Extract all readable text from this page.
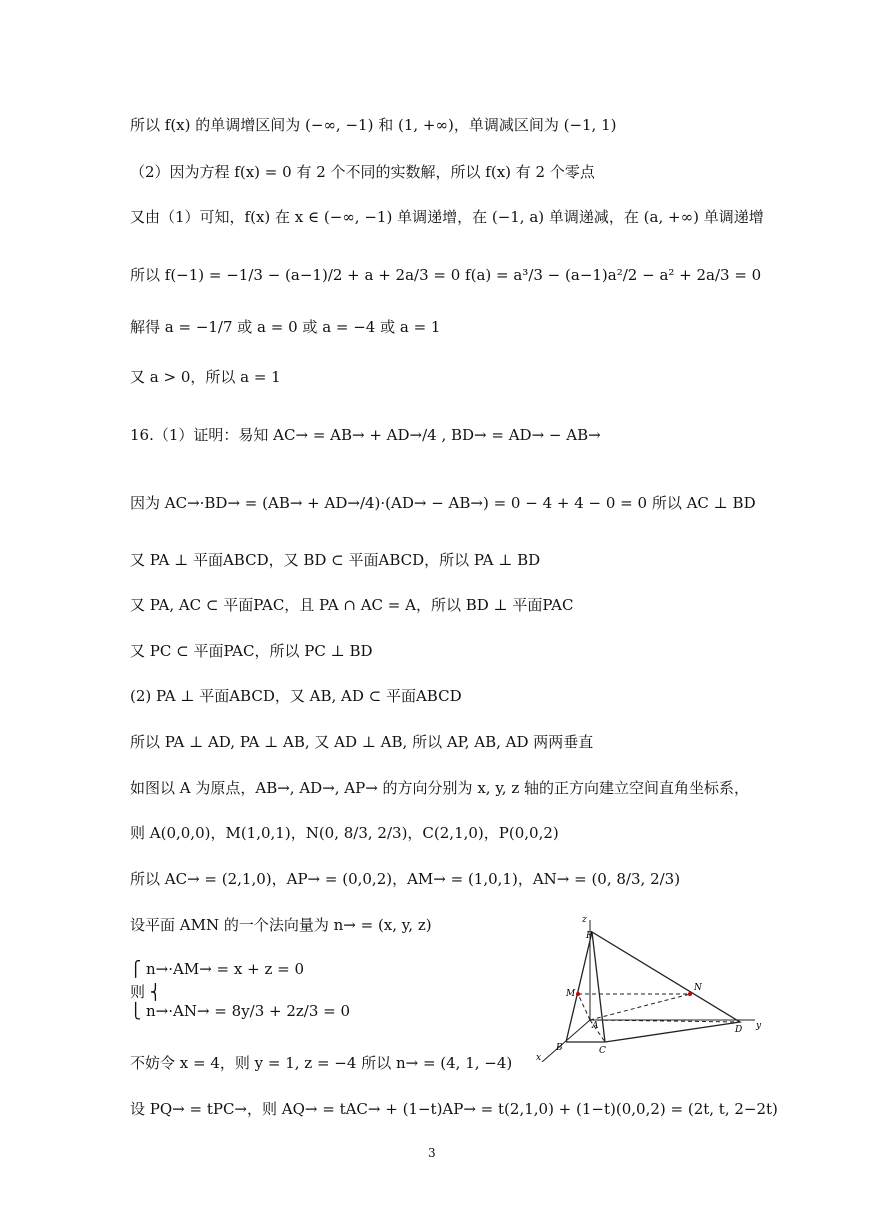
所以 f(x) 的单调增区间为 (−∞, −1) 和 (1, +∞)，单调减区间为 (−1, 1)
（2）因为方程 f(x) = 0 有 2 个不同的实数解，所以 f(x) 有 2 个零点
又由（1）可知，f(x) 在 x ∈ (−∞, −1) 单调递增，在 (−1, a) 单调递减，在 (a, +∞) 单调递增
所以 f(−1) = −1/3 − (a−1)/2 + a + 2a/3 = 0 f(a) = a³/3 − (a−1)a²/2 − a² + 2a/3 = 0
解得 a = −1/7 或 a = 0 或 a = −4 或 a = 1
又 a > 0，所以 a = 1
16.（1）证明：易知 AC→ = AB→ + AD→/4 , BD→ = AD→ − AB→
因为 AC→·BD→ = (AB→ + AD→/4)·(AD→ − AB→) = 0 − 4 + 4 − 0 = 0 所以 AC ⊥ BD
又 PA ⊥ 平面ABCD，又 BD ⊂ 平面ABCD，所以 PA ⊥ BD
又 PA, AC ⊂ 平面PAC，且 PA ∩ AC = A，所以 BD ⊥ 平面PAC
又 PC ⊂ 平面PAC，所以 PC ⊥ BD
(2) PA ⊥ 平面ABCD，又 AB, AD ⊂ 平面ABCD
所以 PA ⊥ AD, PA ⊥ AB, 又 AD ⊥ AB, 所以 AP, AB, AD 两两垂直
如图以 A 为原点，AB→, AD→, AP→ 的方向分别为 x, y, z 轴的正方向建立空间直角坐标系，
则 A(0,0,0)，M(1,0,1)，N(0, 8/3, 2/3)，C(2,1,0)，P(0,0,2)
所以 AC→ = (2,1,0)，AP→ = (0,0,2)，AM→ = (1,0,1)，AN→ = (0, 8/3, 2/3)
设平面 AMN 的一个法向量为 n→ = (x, y, z)
⎧ n→·AM→ = x + z = 0
则 ⎨
⎩ n→·AN→ = 8y/3 + 2z/3 = 0
不妨令 x = 4，则 y = 1, z = −4 所以 n→ = (4, 1, −4)
设 PQ→ = tPC→，则 AQ→ = tAC→ + (1−t)AP→ = t(2,1,0) + (1−t)(0,0,2) = (2t, t, 2−2t)
z
P
M
N
A	D y
B	C
x
3
